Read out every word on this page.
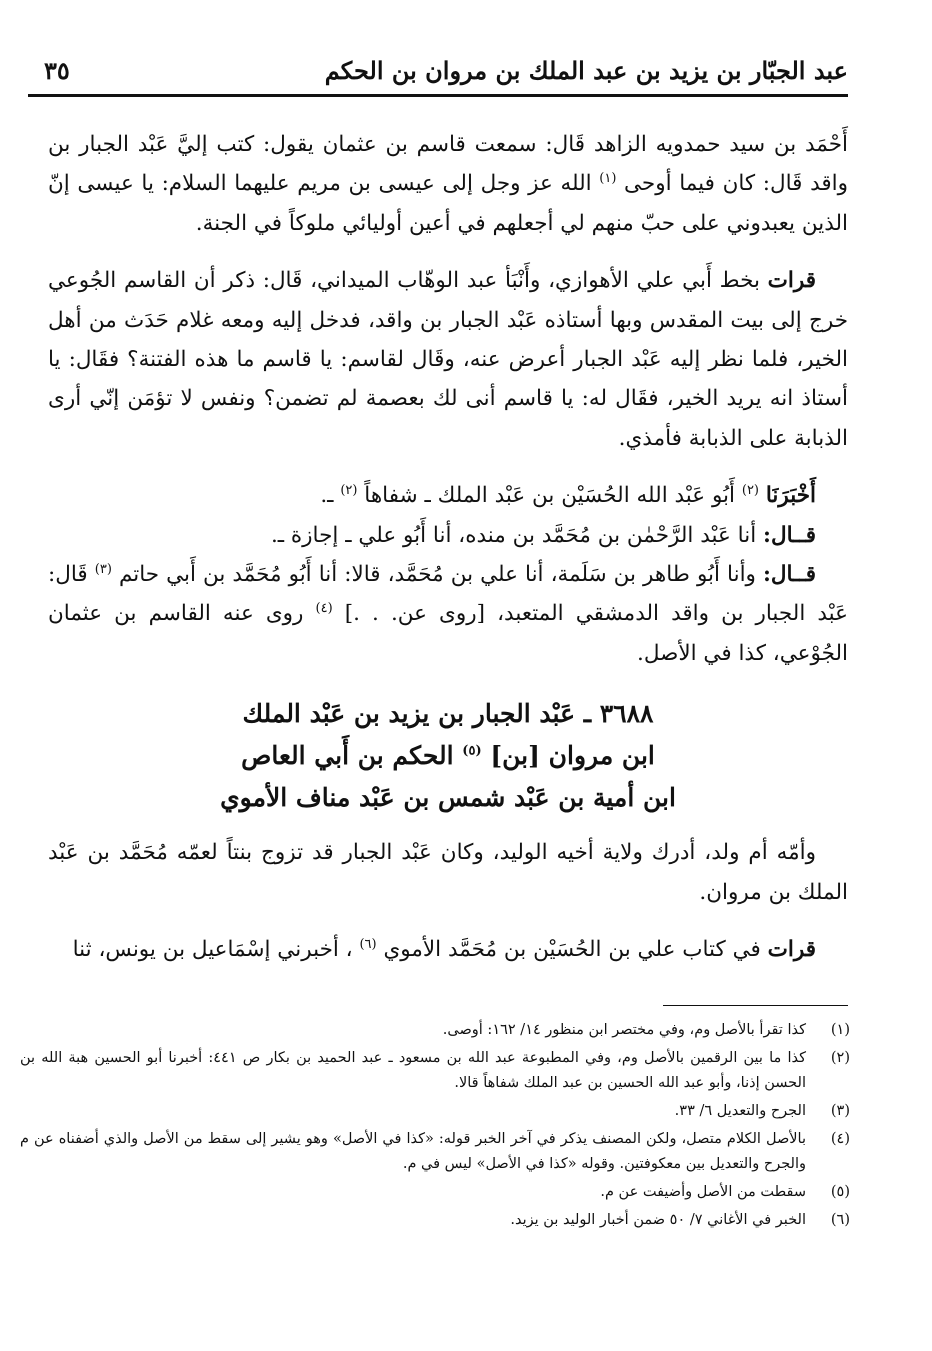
عبد الجبّار بن يزيد بن عبد الملك بن مروان بن الحكم
٣٥

أَحْمَد بن سيد حمدويه الزاهد قَال: سمعت قاسم بن عثمان يقول: كتب إليَّ عَبْد الجبار بن واقد قَال: كان فيما أوحى $^{(١)}$ الله عز وجل إلى عيسى بن مريم عليهما السلام: يا عيسى إنّ الذين يعبدوني على حبّ منهم لي أجعلهم في أعين أوليائي ملوكاً في الجنة.

قرات بخط أَبي علي الأهوازي، وأَنْبَأ عبد الوهّاب الميداني، قَال: ذكر أن القاسم الجُوعي خرج إلى بيت المقدس وبها أستاذه عَبْد الجبار بن واقد، فدخل إليه ومعه غلام حَدَث من أهل الخير، فلما نظر إليه عَبْد الجبار أعرض عنه، وقَال لقاسم: يا قاسم ما هذه الفتنة؟ فقَال: يا أستاذ انه يريد الخير، فقَال له: يا قاسم أنى لك بعصمة لم تضمن؟ ونفس لا تؤمَن إنّي أرى الذبابة على الذبابة فأمذي.

أَخْبَرَنَا $^{(٢)}$ أَبُو عَبْد الله الحُسَيْن بن عَبْد الملك ـ شفاهاً $^{(٢)}$ ـ.

قــال: أنا عَبْد الرَّحْمٰن بن مُحَمَّد بن منده، أنا أَبُو علي ـ إجازة ـ.

قــال: وأنا أَبُو طاهر بن سَلَمة، أنا علي بن مُحَمَّد، قالا: أنا أَبُو مُحَمَّد بن أَبي حاتم $^{(٣)}$ قَال: عَبْد الجبار بن واقد الدمشقي المتعبد، [روى عن. . .] $^{(٤)}$ روى عنه القاسم بن عثمان الجُوْعي، كذا في الأصل.

٣٦٨٨ ـ عَبْد الجبار بن يزيد بن عَبْد الملك
ابن مروان [بن] $^{(٥)}$ الحكم بن أَبي العاص
ابن أمية بن عَبْد شمس بن عَبْد مناف الأموي

وأمّه أم ولد، أدرك ولاية أخيه الوليد، وكان عَبْد الجبار قد تزوج بنتاً لعمّه مُحَمَّد بن عَبْد الملك بن مروان.

قرات في كتاب علي بن الحُسَيْن بن مُحَمَّد الأموي $^{(٦)}$ ، أخبرني إسْمَاعيل بن يونس، ثنا

(١)
كذا تقرأ بالأصل وم، وفي مختصر ابن منظور ١٤/ ١٦٢: أوصى.
(٢)
كذا ما بين الرقمين بالأصل وم، وفي المطبوعة عبد الله بن مسعود ـ عبد الحميد بن بكار ص ٤٤١: أخبرنا أبو الحسين هبة الله بن الحسن إذنا، وأبو عبد الله الحسين بن عبد الملك شفاهاً قالا.
(٣)
الجرح والتعديل ٦/ ٣٣.
(٤)
بالأصل الكلام متصل، ولكن المصنف يذكر في آخر الخبر قوله: «كذا في الأصل» وهو يشير إلى سقط من الأصل والذي أضفناه عن م والجرح والتعديل بين معكوفتين. وقوله «كذا في الأصل» ليس في م.
(٥)
سقطت من الأصل وأضيفت عن م.
(٦)
الخبر في الأغاني ٧/ ٥٠ ضمن أخبار الوليد بن يزيد.
